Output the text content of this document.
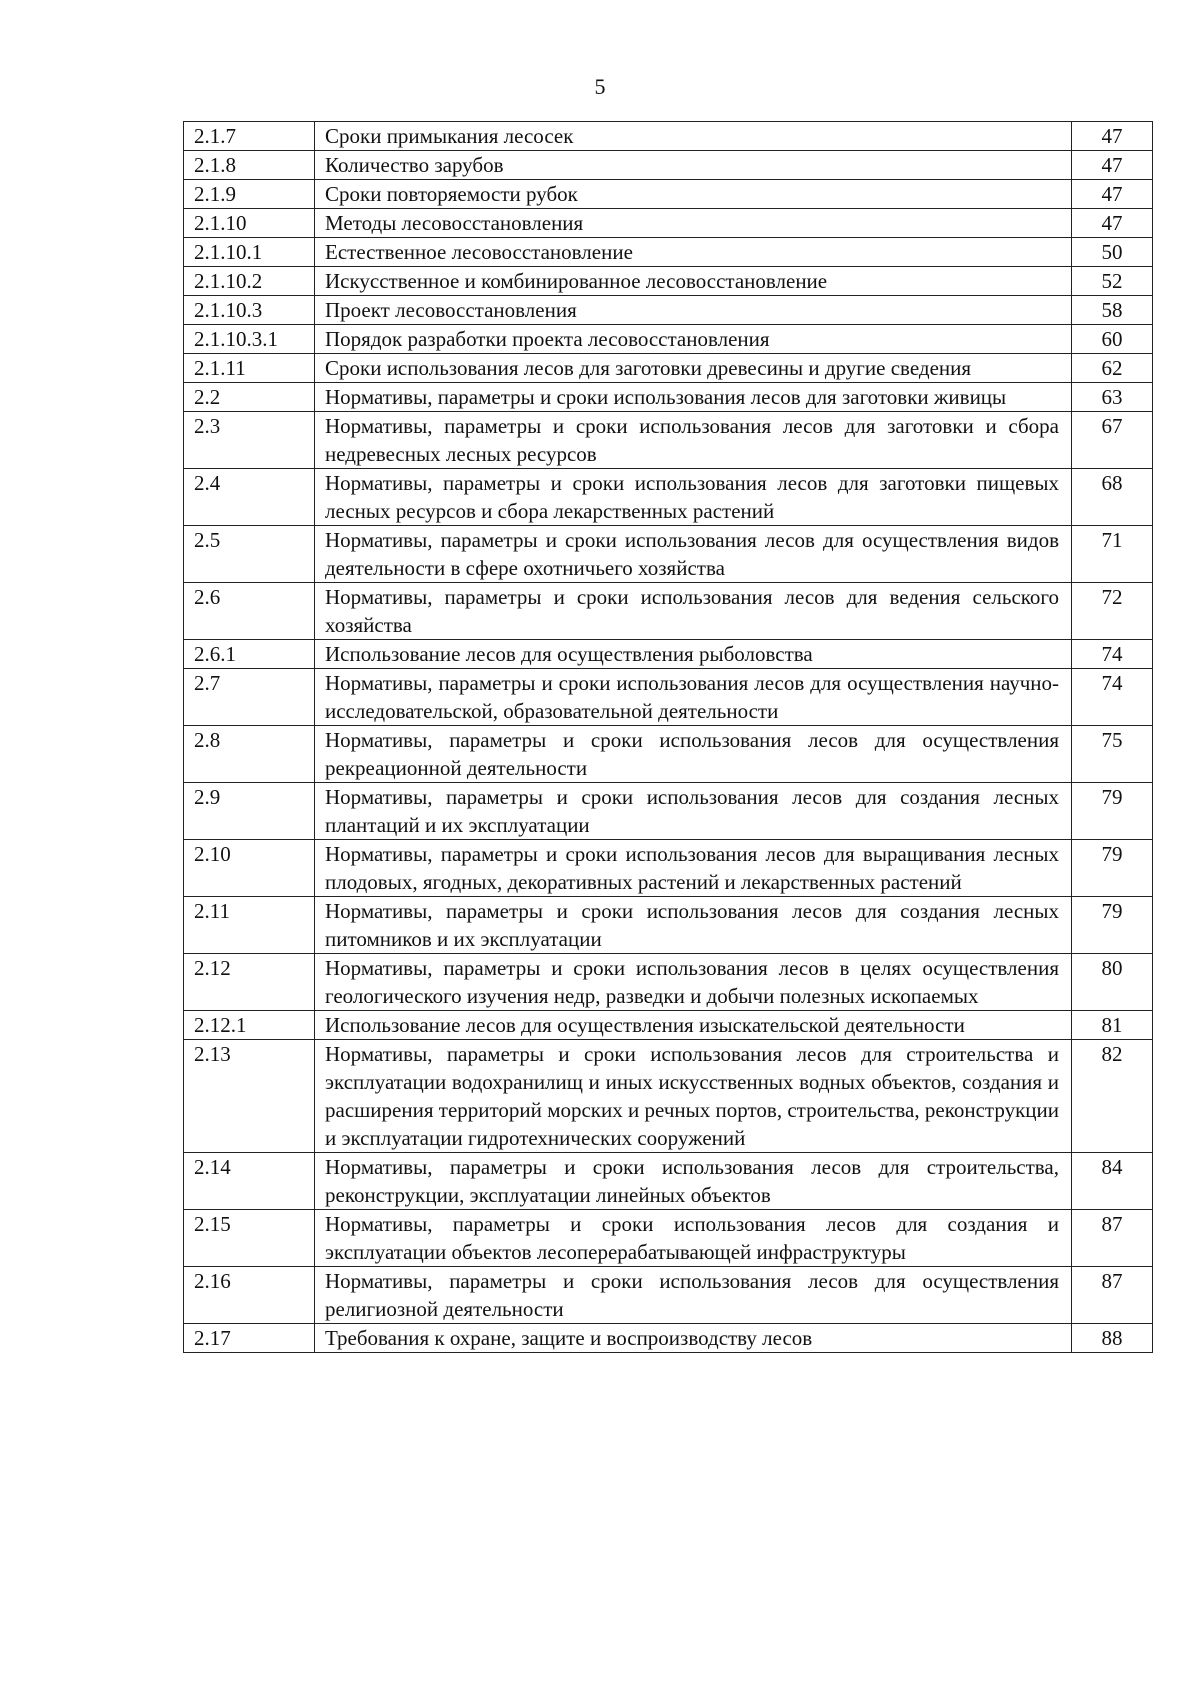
5
2.1.7	Сроки примыкания лесосек	47
2.1.8	Количество зарубов	47
2.1.9	Сроки повторяемости рубок	47
2.1.10	Методы лесовосстановления	47
2.1.10.1	Естественное лесовосстановление	50
2.1.10.2	Искусственное и комбинированное лесовосстановление	52
2.1.10.3	Проект лесовосстановления	58
2.1.10.3.1	Порядок разработки проекта лесовосстановления	60
2.1.11	Сроки использования лесов для заготовки древесины и другие сведения	62
2.2	Нормативы, параметры и сроки использования лесов для заготовки живицы	63
2.3	Нормативы, параметры и сроки использования лесов для заготовки и сбора недревесных лесных ресурсов	67
2.4	Нормативы, параметры и сроки использования лесов для заготовки пищевых лесных ресурсов и сбора лекарственных растений	68
2.5	Нормативы, параметры и сроки использования лесов для осуществления видов деятельности в сфере охотничьего хозяйства	71
2.6	Нормативы, параметры и сроки использования лесов для ведения сельского хозяйства	72
2.6.1	Использование лесов для осуществления рыболовства	74
2.7	Нормативы, параметры и сроки использования лесов для осуществления научно-исследовательской, образовательной деятельности	74
2.8	Нормативы, параметры и сроки использования лесов для осуществления рекреационной деятельности	75
2.9	Нормативы, параметры и сроки использования лесов для создания лесных плантаций и их эксплуатации	79
2.10	Нормативы, параметры и сроки использования лесов для выращивания лесных плодовых, ягодных, декоративных растений и лекарственных растений	79
2.11	Нормативы, параметры и сроки использования лесов для создания лесных питомников и их эксплуатации	79
2.12	Нормативы, параметры и сроки использования лесов в целях осуществления геологического изучения недр, разведки и добычи полезных ископаемых	80
2.12.1	Использование лесов для осуществления изыскательской деятельности	81
2.13	Нормативы, параметры и сроки использования лесов для строительства и эксплуатации водохранилищ и иных искусственных водных объектов, создания и расширения территорий морских и речных портов, строительства, реконструкции и эксплуатации гидротехнических сооружений	82
2.14	Нормативы, параметры и сроки использования лесов для строительства, реконструкции, эксплуатации линейных объектов	84
2.15	Нормативы, параметры и сроки использования лесов для создания и эксплуатации объектов лесоперерабатывающей инфраструктуры	87
2.16	Нормативы, параметры и сроки использования лесов для осуществления религиозной деятельности	87
2.17	Требования к охране, защите и воспроизводству лесов	88
